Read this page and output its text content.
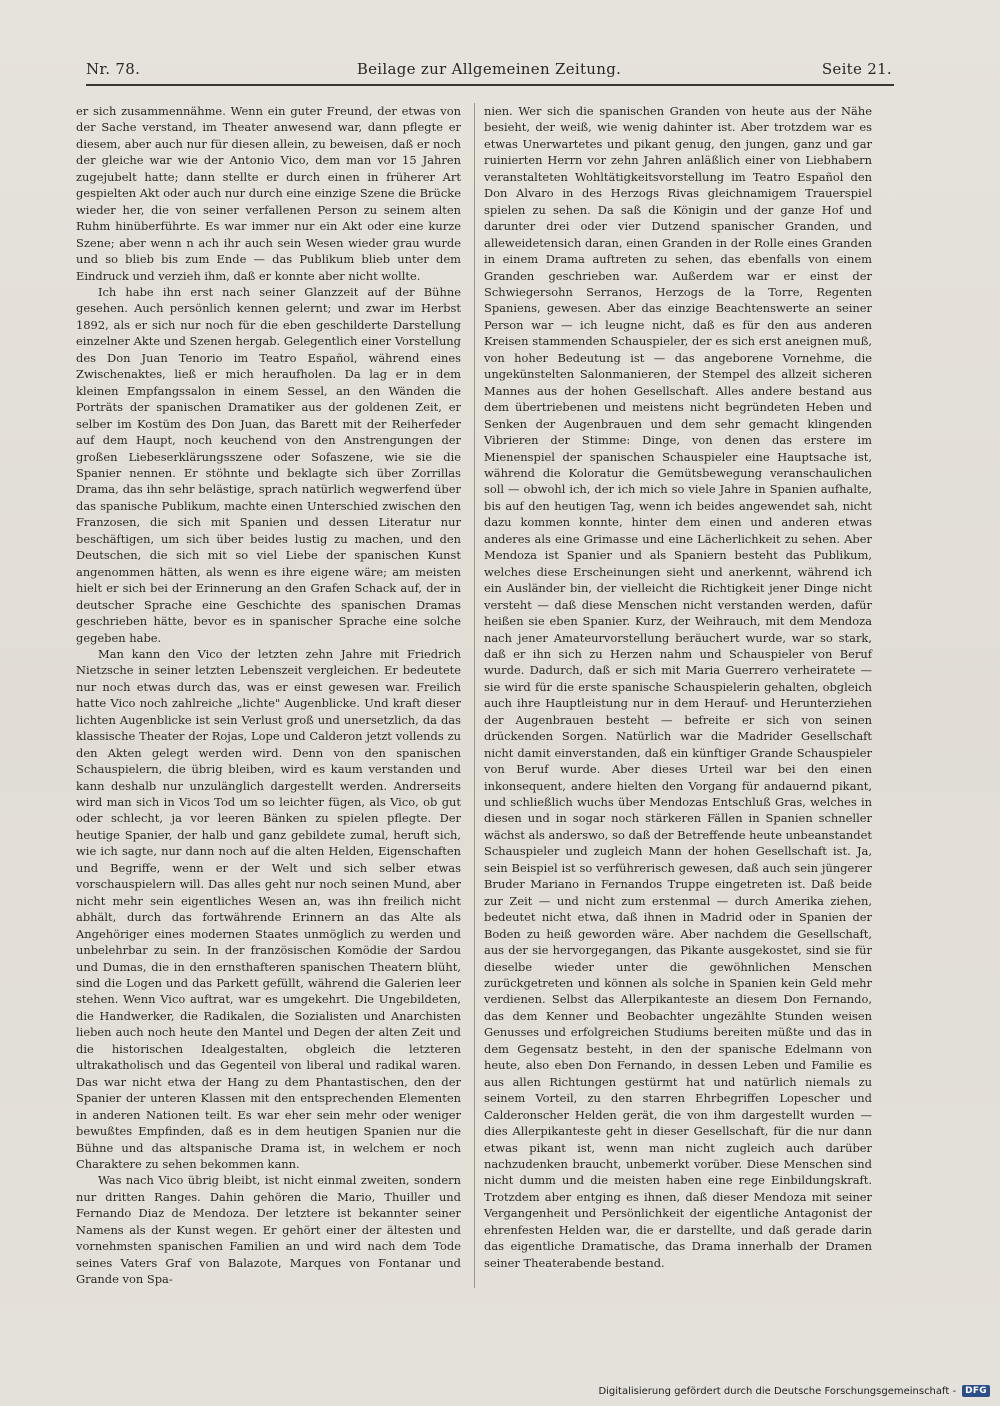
Nr. 78.	Beilage zur Allgemeinen Zeitung.	Seite 21.

er sich zusammennähme. Wenn ein guter Freund, der etwas von der Sache verstand, im Theater anwesend war, dann pflegte er diesem, aber auch nur für diesen allein, zu beweisen, daß er noch der gleiche war wie der Antonio Vico, dem man vor 15 Jahren zugejubelt hatte; dann stellte er durch einen in früherer Art gespielten Akt oder auch nur durch eine einzige Szene die Brücke wieder her, die von seiner verfallenen Person zu seinem alten Ruhm hinüberführte. Es war immer nur ein Akt oder eine kurze Szene; aber wenn n ach ihr auch sein Wesen wieder grau wurde und so blieb bis zum Ende — das Publikum blieb unter dem Eindruck und verzieh ihm, daß er konnte aber nicht wollte.

Ich habe ihn erst nach seiner Glanzzeit auf der Bühne gesehen. Auch persönlich kennen gelernt; und zwar im Herbst 1892, als er sich nur noch für die eben geschilderte Darstellung einzelner Akte und Szenen hergab. Gelegentlich einer Vorstellung des Don Juan Tenorio im Teatro Español, während eines Zwischenaktes, ließ er mich heraufholen. Da lag er in dem kleinen Empfangssalon in einem Sessel, an den Wänden die Porträts der spanischen Dramatiker aus der goldenen Zeit, er selber im Kostüm des Don Juan, das Barett mit der Reiherfeder auf dem Haupt, noch keuchend von den Anstrengungen der großen Liebeserklärungsszene oder Sofaszene, wie sie die Spanier nennen. Er stöhnte und beklagte sich über Zorrillas Drama, das ihn sehr belästige, sprach natürlich wegwerfend über das spanische Publikum, machte einen Unterschied zwischen den Franzosen, die sich mit Spanien und dessen Literatur nur beschäftigen, um sich über beides lustig zu machen, und den Deutschen, die sich mit so viel Liebe der spanischen Kunst angenommen hätten, als wenn es ihre eigene wäre; am meisten hielt er sich bei der Erinnerung an den Grafen Schack auf, der in deutscher Sprache eine Geschichte des spanischen Dramas geschrieben hätte, bevor es in spanischer Sprache eine solche gegeben habe.

Man kann den Vico der letzten zehn Jahre mit Friedrich Nietzsche in seiner letzten Lebenszeit vergleichen. Er bedeutete nur noch etwas durch das, was er einst gewesen war. Freilich hatte Vico noch zahlreiche „lichte" Augenblicke. Und kraft dieser lichten Augenblicke ist sein Verlust groß und unersetzlich, da das klassische Theater der Rojas, Lope und Calderon jetzt vollends zu den Akten gelegt werden wird. Denn von den spanischen Schauspielern, die übrig bleiben, wird es kaum verstanden und kann deshalb nur unzulänglich dargestellt werden. Andrerseits wird man sich in Vicos Tod um so leichter fügen, als Vico, ob gut oder schlecht, ja vor leeren Bänken zu spielen pflegte. Der heutige Spanier, der halb und ganz gebildete zumal, heruft sich, wie ich sagte, nur dann noch auf die alten Helden, Eigenschaften und Begriffe, wenn er der Welt und sich selber etwas vorschauspielern will. Das alles geht nur noch seinen Mund, aber nicht mehr sein eigentliches Wesen an, was ihn freilich nicht abhält, durch das fortwährende Erinnern an das Alte als Angehöriger eines modernen Staates unmöglich zu werden und unbelehrbar zu sein. In der französischen Komödie der Sardou und Dumas, die in den ernsthafteren spanischen Theatern blüht, sind die Logen und das Parkett gefüllt, während die Galerien leer stehen. Wenn Vico auftrat, war es umgekehrt. Die Ungebildeten, die Handwerker, die Radikalen, die Sozialisten und Anarchisten lieben auch noch heute den Mantel und Degen der alten Zeit und die historischen Idealgestalten, obgleich die letzteren ultrakatholisch und das Gegenteil von liberal und radikal waren. Das war nicht etwa der Hang zu dem Phantastischen, den der Spanier der unteren Klassen mit den entsprechenden Elementen in anderen Nationen teilt. Es war eher sein mehr oder weniger bewußtes Empfinden, daß es in dem heutigen Spanien nur die Bühne und das altspanische Drama ist, in welchem er noch Charaktere zu sehen bekommen kann.

Was nach Vico übrig bleibt, ist nicht einmal zweiten, sondern nur dritten Ranges. Dahin gehören die Mario, Thuiller und Fernando Diaz de Mendoza. Der letztere ist bekannter seiner Namens als der Kunst wegen. Er gehört einer der ältesten und vornehmsten spanischen Familien an und wird nach dem Tode seines Vaters Graf von Balazote, Marques von Fontanar und Grande von Spa-

nien. Wer sich die spanischen Granden von heute aus der Nähe besieht, der weiß, wie wenig dahinter ist. Aber trotzdem war es etwas Unerwartetes und pikant genug, den jungen, ganz und gar ruinierten Herrn vor zehn Jahren anläßlich einer von Liebhabern veranstalteten Wohltätigkeitsvorstellung im Teatro Español den Don Alvaro in des Herzogs Rivas gleichnamigem Trauerspiel spielen zu sehen. Da saß die Königin und der ganze Hof und darunter drei oder vier Dutzend spanischer Granden, und alleweidetensich daran, einen Granden in der Rolle eines Granden in einem Drama auftreten zu sehen, das ebenfalls von einem Granden geschrieben war. Außerdem war er einst der Schwiegersohn Serranos, Herzogs de la Torre, Regenten Spaniens, gewesen. Aber das einzige Beachtenswerte an seiner Person war — ich leugne nicht, daß es für den aus anderen Kreisen stammenden Schauspieler, der es sich erst aneignen muß, von hoher Bedeutung ist — das angeborene Vornehme, die ungekünstelten Salonmanieren, der Stempel des allzeit sicheren Mannes aus der hohen Gesellschaft. Alles andere bestand aus dem übertriebenen und meistens nicht begründeten Heben und Senken der Augenbrauen und dem sehr gemacht klingenden Vibrieren der Stimme: Dinge, von denen das erstere im Mienenspiel der spanischen Schauspieler eine Hauptsache ist, während die Koloratur die Gemütsbewegung veranschaulichen soll — obwohl ich, der ich mich so viele Jahre in Spanien aufhalte, bis auf den heutigen Tag, wenn ich beides angewendet sah, nicht dazu kommen konnte, hinter dem einen und anderen etwas anderes als eine Grimasse und eine Lächerlichkeit zu sehen. Aber Mendoza ist Spanier und als Spaniern besteht das Publikum, welches diese Erscheinungen sieht und anerkennt, während ich ein Ausländer bin, der vielleicht die Richtigkeit jener Dinge nicht versteht — daß diese Menschen nicht verstanden werden, dafür heißen sie eben Spanier. Kurz, der Weihrauch, mit dem Mendoza nach jener Amateurvorstellung beräuchert wurde, war so stark, daß er ihn sich zu Herzen nahm und Schauspieler von Beruf wurde. Dadurch, daß er sich mit Maria Guerrero verheiratete — sie wird für die erste spanische Schauspielerin gehalten, obgleich auch ihre Hauptleistung nur in dem Herauf- und Herunterziehen der Augenbrauen besteht — befreite er sich von seinen drückenden Sorgen. Natürlich war die Madrider Gesellschaft nicht damit einverstanden, daß ein künftiger Grande Schauspieler von Beruf wurde. Aber dieses Urteil war bei den einen inkonsequent, andere hielten den Vorgang für andauernd pikant, und schließlich wuchs über Mendozas Entschluß Gras, welches in diesen und in sogar noch stärkeren Fällen in Spanien schneller wächst als anderswo, so daß der Betreffende heute unbeanstandet Schauspieler und zugleich Mann der hohen Gesellschaft ist. Ja, sein Beispiel ist so verführerisch gewesen, daß auch sein jüngerer Bruder Mariano in Fernandos Truppe eingetreten ist. Daß beide zur Zeit — und nicht zum erstenmal — durch Amerika ziehen, bedeutet nicht etwa, daß ihnen in Madrid oder in Spanien der Boden zu heiß geworden wäre. Aber nachdem die Gesellschaft, aus der sie hervorgegangen, das Pikante ausgekostet, sind sie für dieselbe wieder unter die gewöhnlichen Menschen zurückgetreten und können als solche in Spanien kein Geld mehr verdienen. Selbst das Allerpikanteste an diesem Don Fernando, das dem Kenner und Beobachter ungezählte Stunden weisen Genusses und erfolgreichen Studiums bereiten müßte und das in dem Gegensatz besteht, in den der spanische Edelmann von heute, also eben Don Fernando, in dessen Leben und Familie es aus allen Richtungen gestürmt hat und natürlich niemals zu seinem Vorteil, zu den starren Ehrbegriffen Lopescher und Calderonscher Helden gerät, die von ihm dargestellt wurden — dies Allerpikanteste geht in dieser Gesellschaft, für die nur dann etwas pikant ist, wenn man nicht zugleich auch darüber nachzudenken braucht, unbemerkt vorüber. Diese Menschen sind nicht dumm und die meisten haben eine rege Einbildungskraft. Trotzdem aber entging es ihnen, daß dieser Mendoza mit seiner Vergangenheit und Persönlichkeit der eigentliche Antagonist der ehrenfesten Helden war, die er darstellte, und daß gerade darin das eigentliche Dramatische, das Drama innerhalb der Dramen seiner Theaterabende bestand.

Digitalisierung gefördert durch die Deutsche Forschungsgemeinschaft -	DFG
